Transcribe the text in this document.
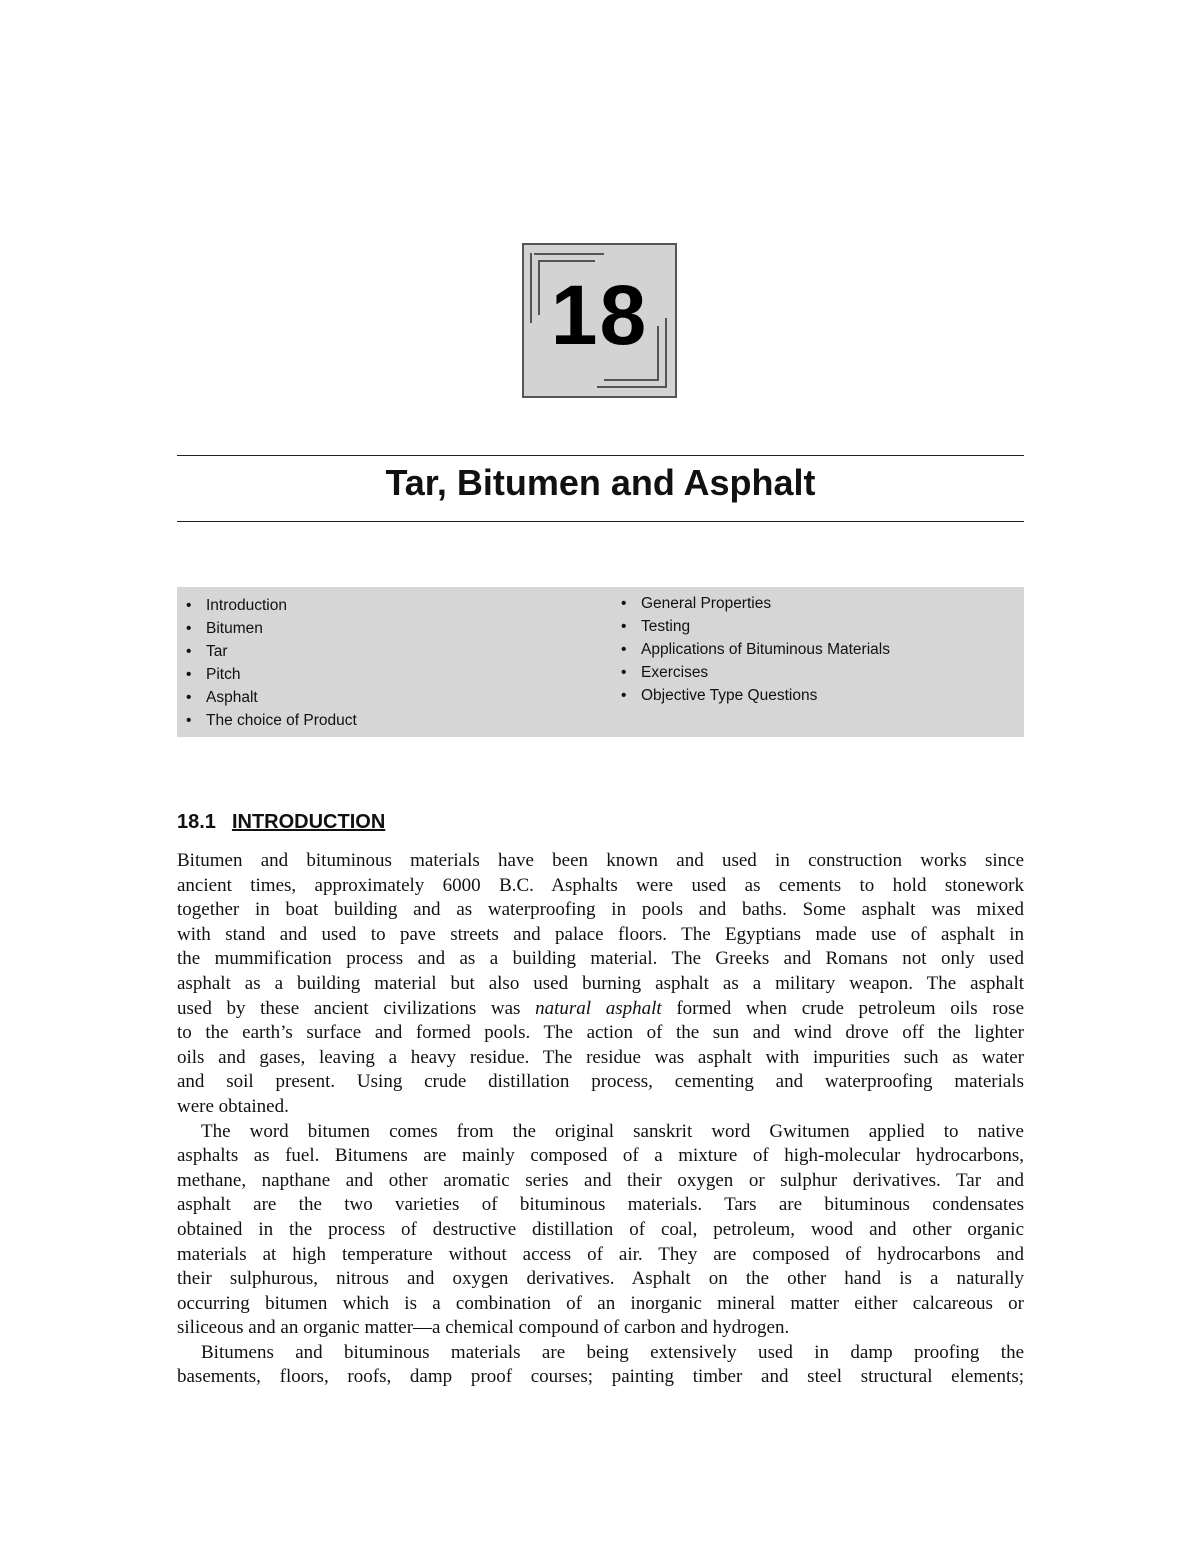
18
Tar, Bitumen and Asphalt
• Introduction
• Bitumen
• Tar
• Pitch
• Asphalt
• The choice of Product
• General Properties
• Testing
• Applications of Bituminous Materials
• Exercises
• Objective Type Questions
18.1 INTRODUCTION
Bitumen and bituminous materials have been known and used in construction works since
ancient times, approximately 6000 B.C. Asphalts were used as cements to hold stonework
together in boat building and as waterproofing in pools and baths. Some asphalt was mixed
with stand and used to pave streets and palace floors. The Egyptians made use of asphalt in
the mummification process and as a building material. The Greeks and Romans not only used
asphalt as a building material but also used burning asphalt as a military weapon. The asphalt
used by these ancient civilizations was natural asphalt formed when crude petroleum oils rose
to the earth’s surface and formed pools. The action of the sun and wind drove off the lighter
oils and gases, leaving a heavy residue. The residue was asphalt with impurities such as water
and soil present. Using crude distillation process, cementing and waterproofing materials
were obtained.
The word bitumen comes from the original sanskrit word Gwitumen applied to native
asphalts as fuel. Bitumens are mainly composed of a mixture of high-molecular hydrocarbons,
methane, napthane and other aromatic series and their oxygen or sulphur derivatives. Tar and
asphalt are the two varieties of bituminous materials. Tars are bituminous condensates
obtained in the process of destructive distillation of coal, petroleum, wood and other organic
materials at high temperature without access of air. They are composed of hydrocarbons and
their sulphurous, nitrous and oxygen derivatives. Asphalt on the other hand is a naturally
occurring bitumen which is a combination of an inorganic mineral matter either calcareous or
siliceous and an organic matter—a chemical compound of carbon and hydrogen.
Bitumens and bituminous materials are being extensively used in damp proofing the
basements, floors, roofs, damp proof courses; painting timber and steel structural elements;
